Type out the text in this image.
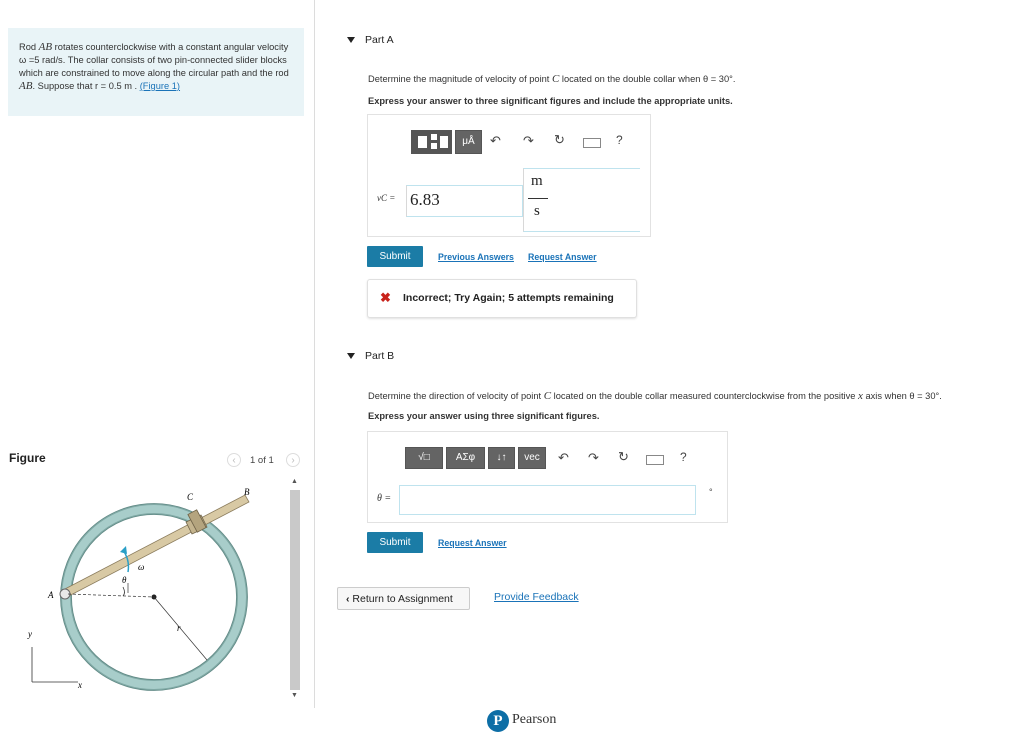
Rod AB rotates counterclockwise with a constant angular velocity ω =5 rad/s. The collar consists of two pin-connected slider blocks which are constrained to move along the circular path and the rod AB. Suppose that r = 0.5 m . (Figure 1)
Figure	‹	1 of 1	›
B
C
A
ω
θ
r
y
x
▲
▼
Part A
Determine the magnitude of velocity of point C located on the double collar when θ = 30°.
Express your answer to three significant figures and include the appropriate units.
μÅ	↶ ↷ ↻	?
vC = 6.83
m
s
Submit	Previous Answers Request Answer
✖ Incorrect; Try Again; 5 attempts remaining
Part B
Determine the direction of velocity of point C located on the double collar measured counterclockwise from the positive x axis when θ = 30°.
Express your answer using three significant figures.
√□	ΑΣφ	↓↑	vec	↶ ↷ ↻	?
θ =
°
Submit	Request Answer
‹ Return to Assignment	Provide Feedback
P Pearson
